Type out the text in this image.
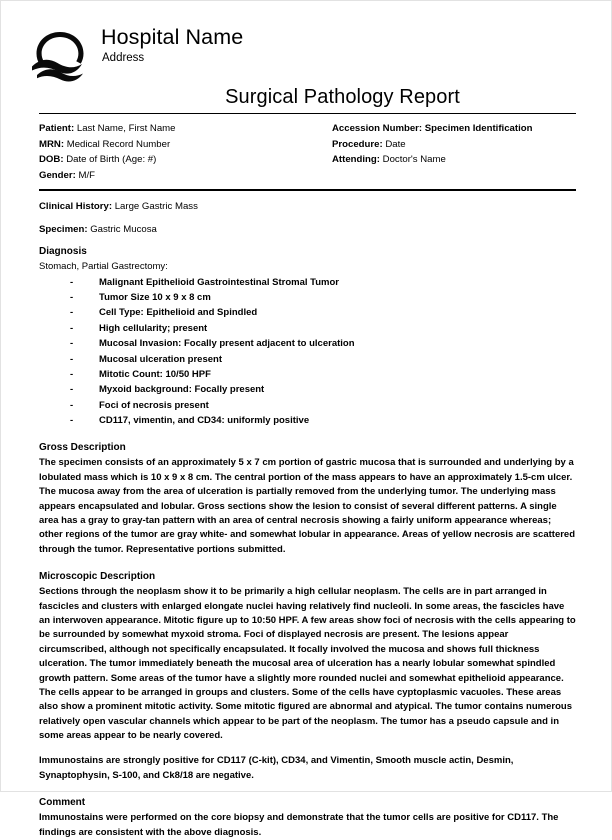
Hospital Name
Address
Surgical Pathology Report
Patient: Last Name, First Name
MRN: Medical Record Number
DOB: Date of Birth (Age: #)
Gender: M/F
Accession Number: Specimen Identification
Procedure: Date
Attending: Doctor's Name
Clinical History: Large Gastric Mass
Specimen: Gastric Mucosa
Diagnosis
Stomach, Partial Gastrectomy:
- Malignant Epithelioid Gastrointestinal Stromal Tumor
- Tumor Size 10 x 9 x 8 cm
- Cell Type: Epithelioid and Spindled
- High cellularity; present
- Mucosal Invasion: Focally present adjacent to ulceration
- Mucosal ulceration present
- Mitotic Count: 10/50 HPF
- Myxoid background: Focally present
- Foci of necrosis present
- CD117, vimentin, and CD34: uniformly positive
Gross Description

The specimen consists of an approximately 5 x 7 cm portion of gastric mucosa that is surrounded and underlying by a lobulated mass which is 10 x 9 x 8 cm. The central portion of the mass appears to have an approximately 1.5-cm ulcer. The mucosa away from the area of ulceration is partially removed from the underlying tumor. The underlying mass appears encapsulated and lobular. Gross sections show the lesion to consist of several different patterns. A single area has a gray to gray-tan pattern with an area of central necrosis showing a fairly uniform appearance whereas; other regions of the tumor are gray white- and somewhat lobular in appearance. Areas of yellow necrosis are scattered through the tumor. Representative portions submitted.

Microscopic Description

Sections through the neoplasm show it to be primarily a high cellular neoplasm. The cells are in part arranged in fascicles and clusters with enlarged elongate nuclei having relatively find nucleoli. In some areas, the fascicles have an interwoven appearance. Mitotic figure up to 10:50 HPF. A few areas show foci of necrosis with the cells appearing to be surrounded by somewhat myxoid stroma. Foci of displayed necrosis are present. The lesions appear circumscribed, although not specifically encapsulated. It focally involved the mucosa and shows full thickness ulceration. The tumor immediately beneath the mucosal area of ulceration has a nearly lobular somewhat spindled growth pattern. Some areas of the tumor have a slightly more rounded nuclei and somewhat epithelioid appearance. The cells appear to be arranged in groups and clusters. Some of the cells have cyptoplasmic vacuoles. These areas also show a prominent mitotic activity. Some mitotic figured are abnormal and atypical. The tumor contains numerous relatively open vascular channels which appear to be part of the neoplasm. The tumor has a pseudo capsule and in some areas appear to be nearly covered.

Immunostains are strongly positive for CD117 (C-kit), CD34, and Vimentin, Smooth muscle actin, Desmin, Synaptophysin, S-100, and Ck8/18 are negative.

Comment

Immunostains were performed on the core biopsy and demonstrate that the tumor cells are positive for CD117. The findings are consistent with the above diagnosis.
